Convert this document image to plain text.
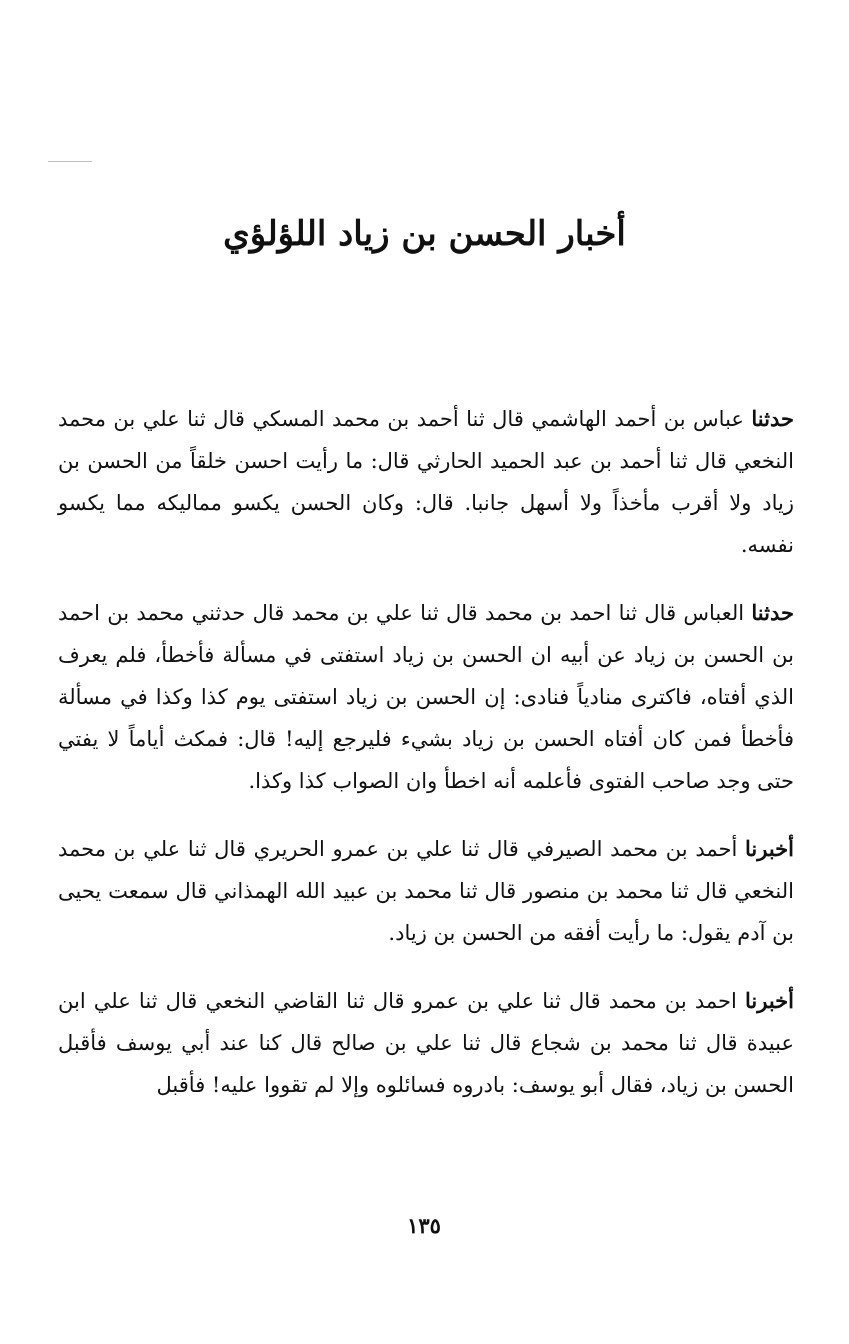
أخبار الحسن بن زياد اللؤلؤي

حدثنا عباس بن أحمد الهاشمي قال ثنا أحمد بن محمد المسكي قال ثنا علي بن محمد النخعي قال ثنا أحمد بن عبد الحميد الحارثي قال: ما رأيت احسن خلقاً من الحسن بن زياد ولا أقرب مأخذاً ولا أسهل جانبا. قال: وكان الحسن يكسو مماليكه مما يكسو نفسه.

حدثنا العباس قال ثنا احمد بن محمد قال ثنا علي بن محمد قال حدثني محمد بن احمد بن الحسن بن زياد عن أبيه ان الحسن بن زياد استفتى في مسألة فأخطأ، فلم يعرف الذي أفتاه، فاكترى منادياً فنادى: إن الحسن بن زياد استفتى يوم كذا وكذا في مسألة فأخطأ فمن كان أفتاه الحسن بن زياد بشيء فليرجع إليه! قال: فمكث أياماً لا يفتي حتى وجد صاحب الفتوى فأعلمه أنه اخطأ وان الصواب كذا وكذا.

أخبرنا أحمد بن محمد الصيرفي قال ثنا علي بن عمرو الحريري قال ثنا علي بن محمد النخعي قال ثنا محمد بن منصور قال ثنا محمد بن عبيد الله الهمذاني قال سمعت يحيى بن آدم يقول: ما رأيت أفقه من الحسن بن زياد.

أخبرنا احمد بن محمد قال ثنا علي بن عمرو قال ثنا القاضي النخعي قال ثنا علي ابن عبيدة قال ثنا محمد بن شجاع قال ثنا علي بن صالح قال كنا عند أبي يوسف فأقبل الحسن بن زياد، فقال أبو يوسف: بادروه فسائلوه وإلا لم تقووا عليه! فأقبل

١٣٥
